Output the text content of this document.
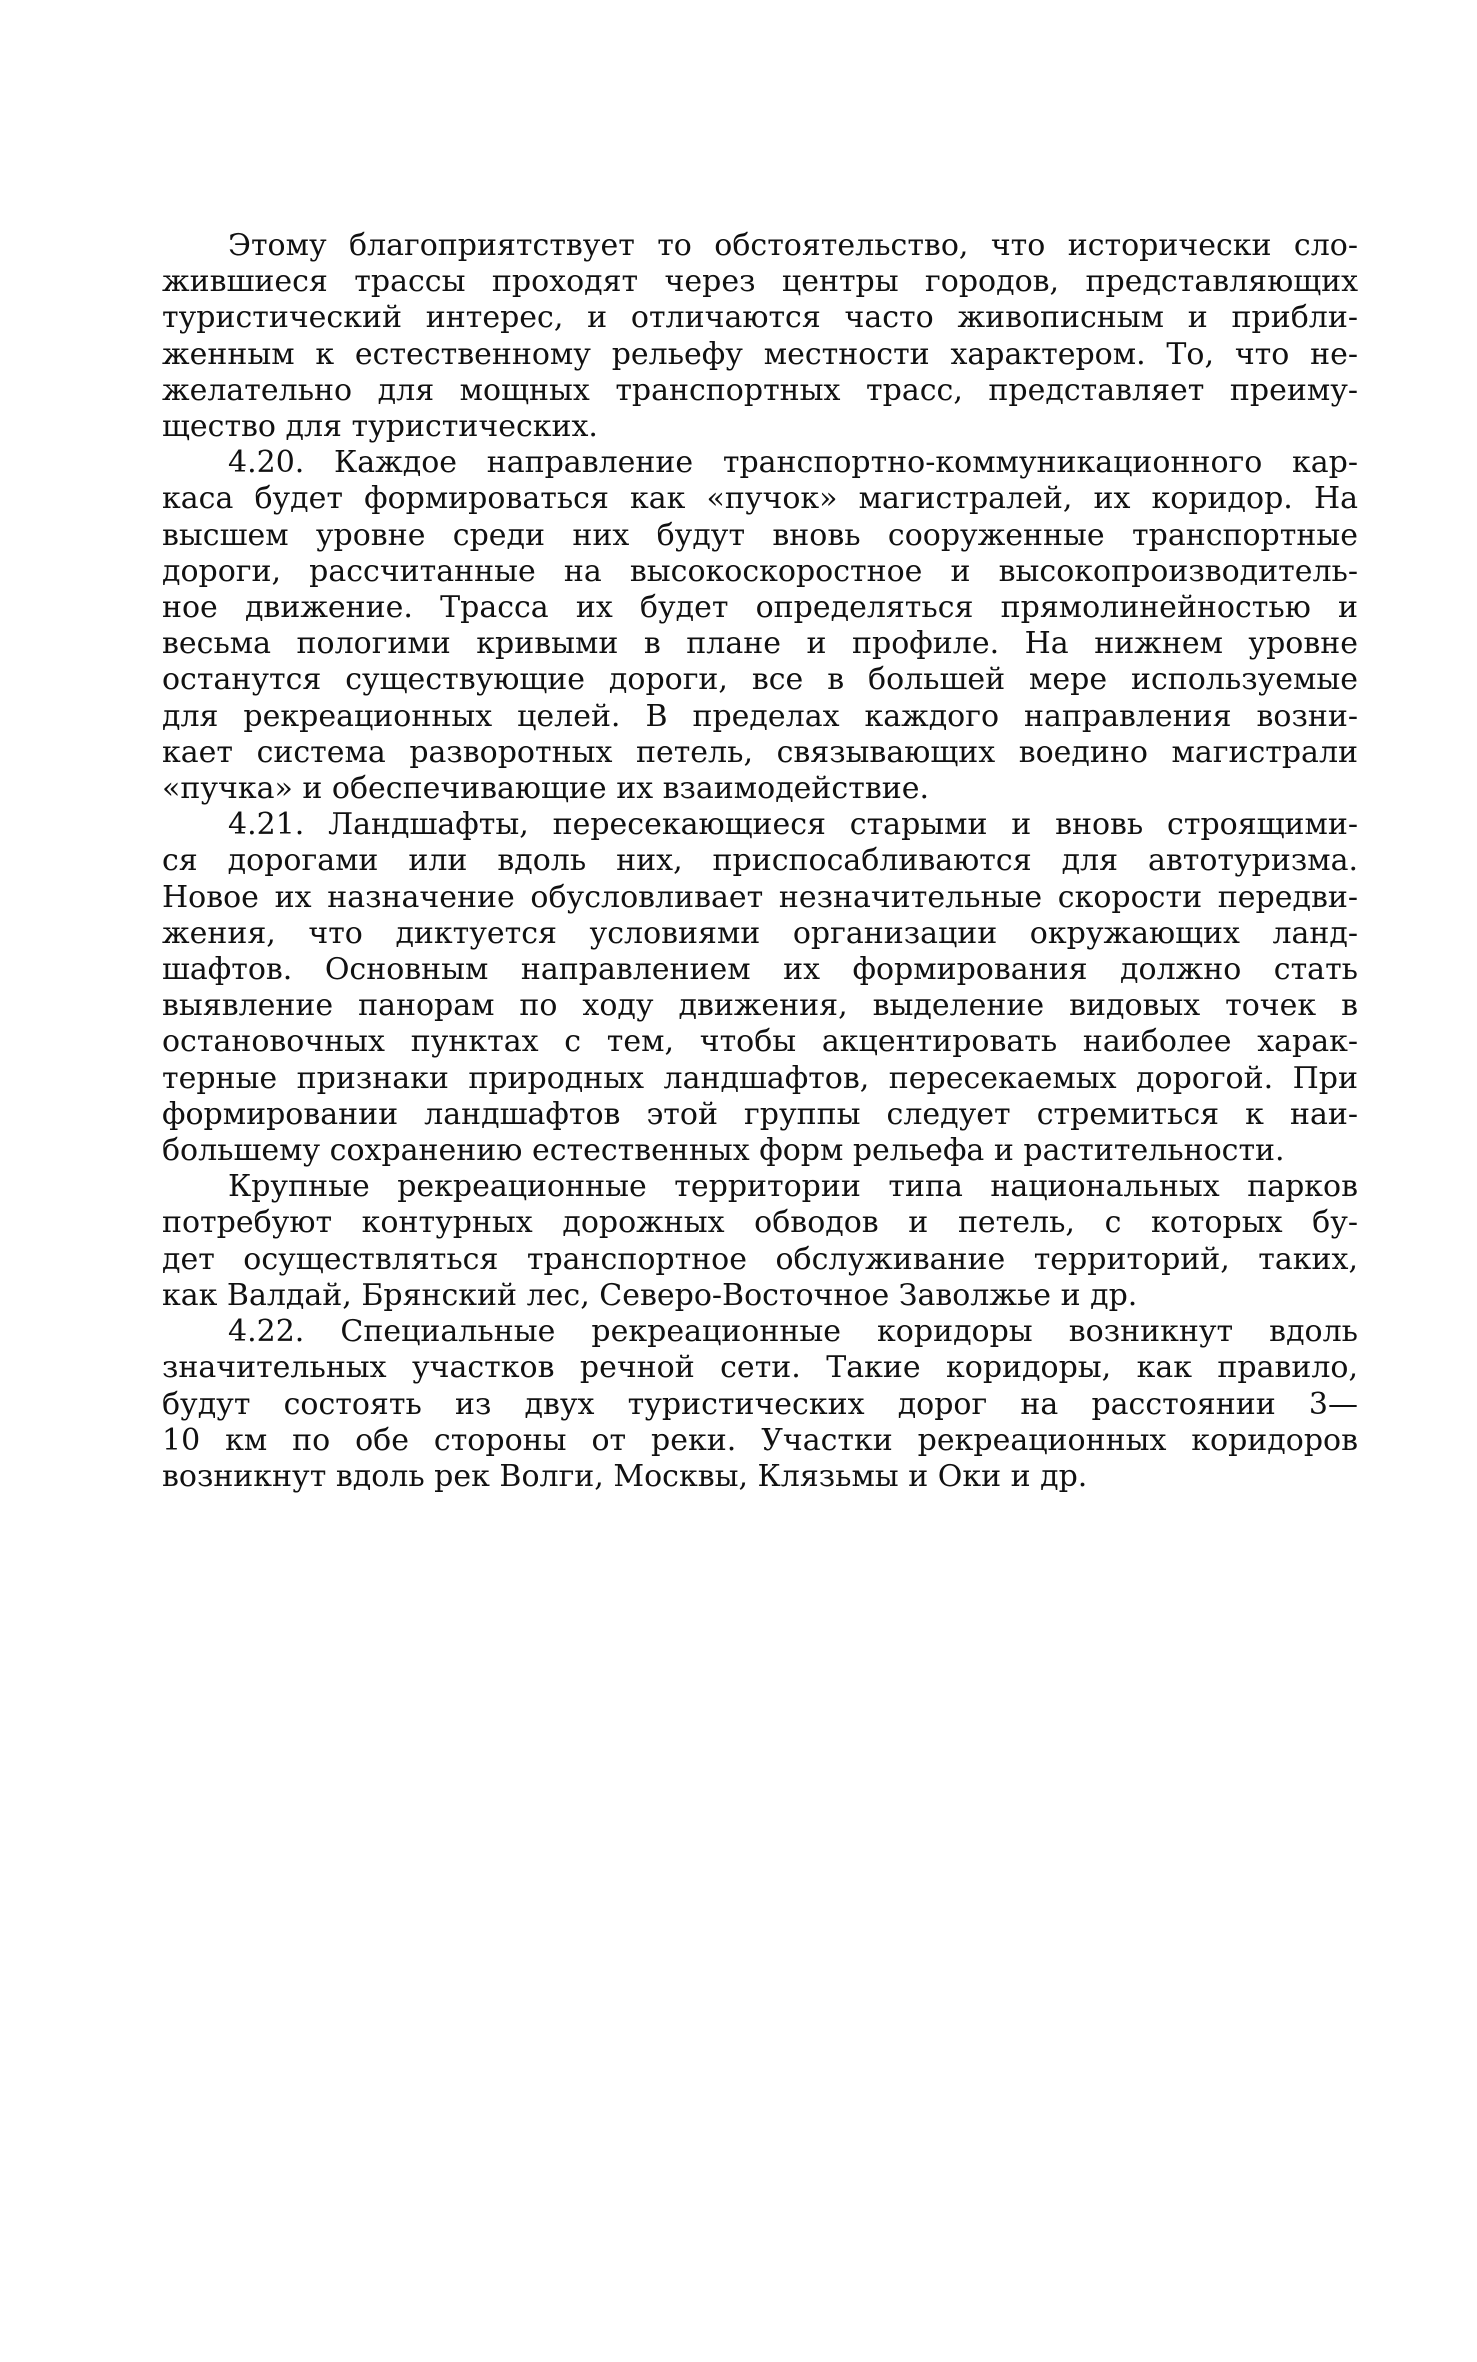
Этому благоприятствует то обстоятельство, что исторически сло-
жившиеся трассы проходят через центры городов, представляющих
туристический интерес, и отличаются часто живописным и прибли-
женным к естественному рельефу местности характером. То, что не-
желательно для мощных транспортных трасс, представляет преиму-
щество для туристических.

4.20. Каждое направление транспортно-коммуникационного кар-
каса будет формироваться как «пучок» магистралей, их коридор. На
высшем уровне среди них будут вновь сооруженные транспортные
дороги, рассчитанные на высокоскоростное и высокопроизводитель-
ное движение. Трасса их будет определяться прямолинейностью и
весьма пологими кривыми в плане и профиле. На нижнем уровне
останутся существующие дороги, все в большей мере используемые
для рекреационных целей. В пределах каждого направления возни-
кает система разворотных петель, связывающих воедино магистрали
«пучка» и обеспечивающие их взаимодействие.

4.21. Ландшафты, пересекающиеся старыми и вновь строящими-
ся дорогами или вдоль них, приспосабливаются для автотуризма.
Новое их назначение обусловливает незначительные скорости передви-
жения, что диктуется условиями организации окружающих ланд-
шафтов. Основным направлением их формирования должно стать
выявление панорам по ходу движения, выделение видовых точек в
остановочных пунктах с тем, чтобы акцентировать наиболее харак-
терные признаки природных ландшафтов, пересекаемых дорогой. При
формировании ландшафтов этой группы следует стремиться к наи-
большему сохранению естественных форм рельефа и растительности.

Крупные рекреационные территории типа национальных парков
потребуют контурных дорожных обводов и петель, с которых бу-
дет осуществляться транспортное обслуживание территорий, таких,
как Валдай, Брянский лес, Северо-Восточное Заволжье и др.

4.22. Специальные рекреационные коридоры возникнут вдоль
значительных участков речной сети. Такие коридоры, как правило,
будут состоять из двух туристических дорог на расстоянии 3—
10 км по обе стороны от реки. Участки рекреационных коридоров
возникнут вдоль рек Волги, Москвы, Клязьмы и Оки и др.
